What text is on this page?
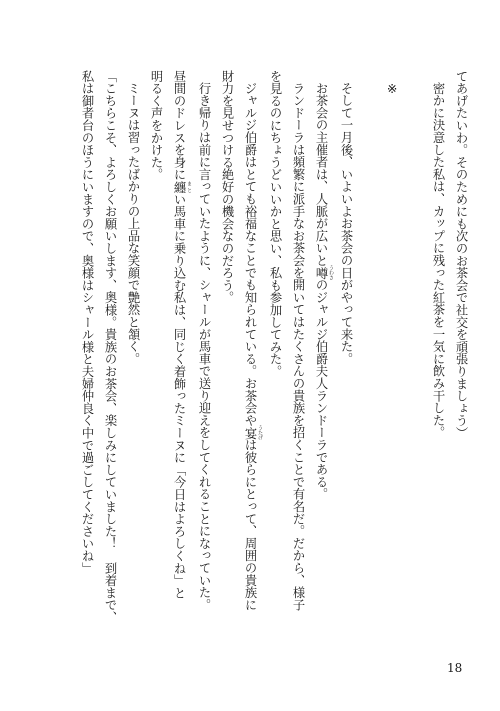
てあげたいわ。そのためにも次のお茶会で社交を頑張りましょう）
密かに決意した私は、カップに残った紅茶を一気に飲み干した。
※
そして一月後、いよいよお茶会の日がやって来た。
お茶会の主催者は、人脈が広いと噂 うわさのジャルジ伯爵夫人ランドーラである。
ランドーラは頻繁に派手なお茶会を開いてはたくさんの貴族を招くことで有名だ。だから、様子
を見るのにちょうどいいかと思い、私も参加してみた。
ジャルジ伯爵はとても裕福なことでも知られている。お茶会や宴 うたげは彼らにとって、周囲の貴族に
財力を見せつける絶好の機会なのだろう。
行き帰りは前に言っていたように、シャールが馬車で送り迎えをしてくれることになっていた。
昼間のドレスを身に纏 まとい馬車に乗り込む私は、同じく着飾ったミーヌに「今日はよろしくね」と
明るく声をかけた。
ミーヌは習ったばかりの上品な笑顔で艶然と頷く。
「こちらこそ、よろしくお願いします、奥様。貴族のお茶会、楽しみにしていました！　到着まで、
私は御者台のほうにいますので、奥様はシャール様と夫婦仲良く中で過ごしてくださいね」
18
